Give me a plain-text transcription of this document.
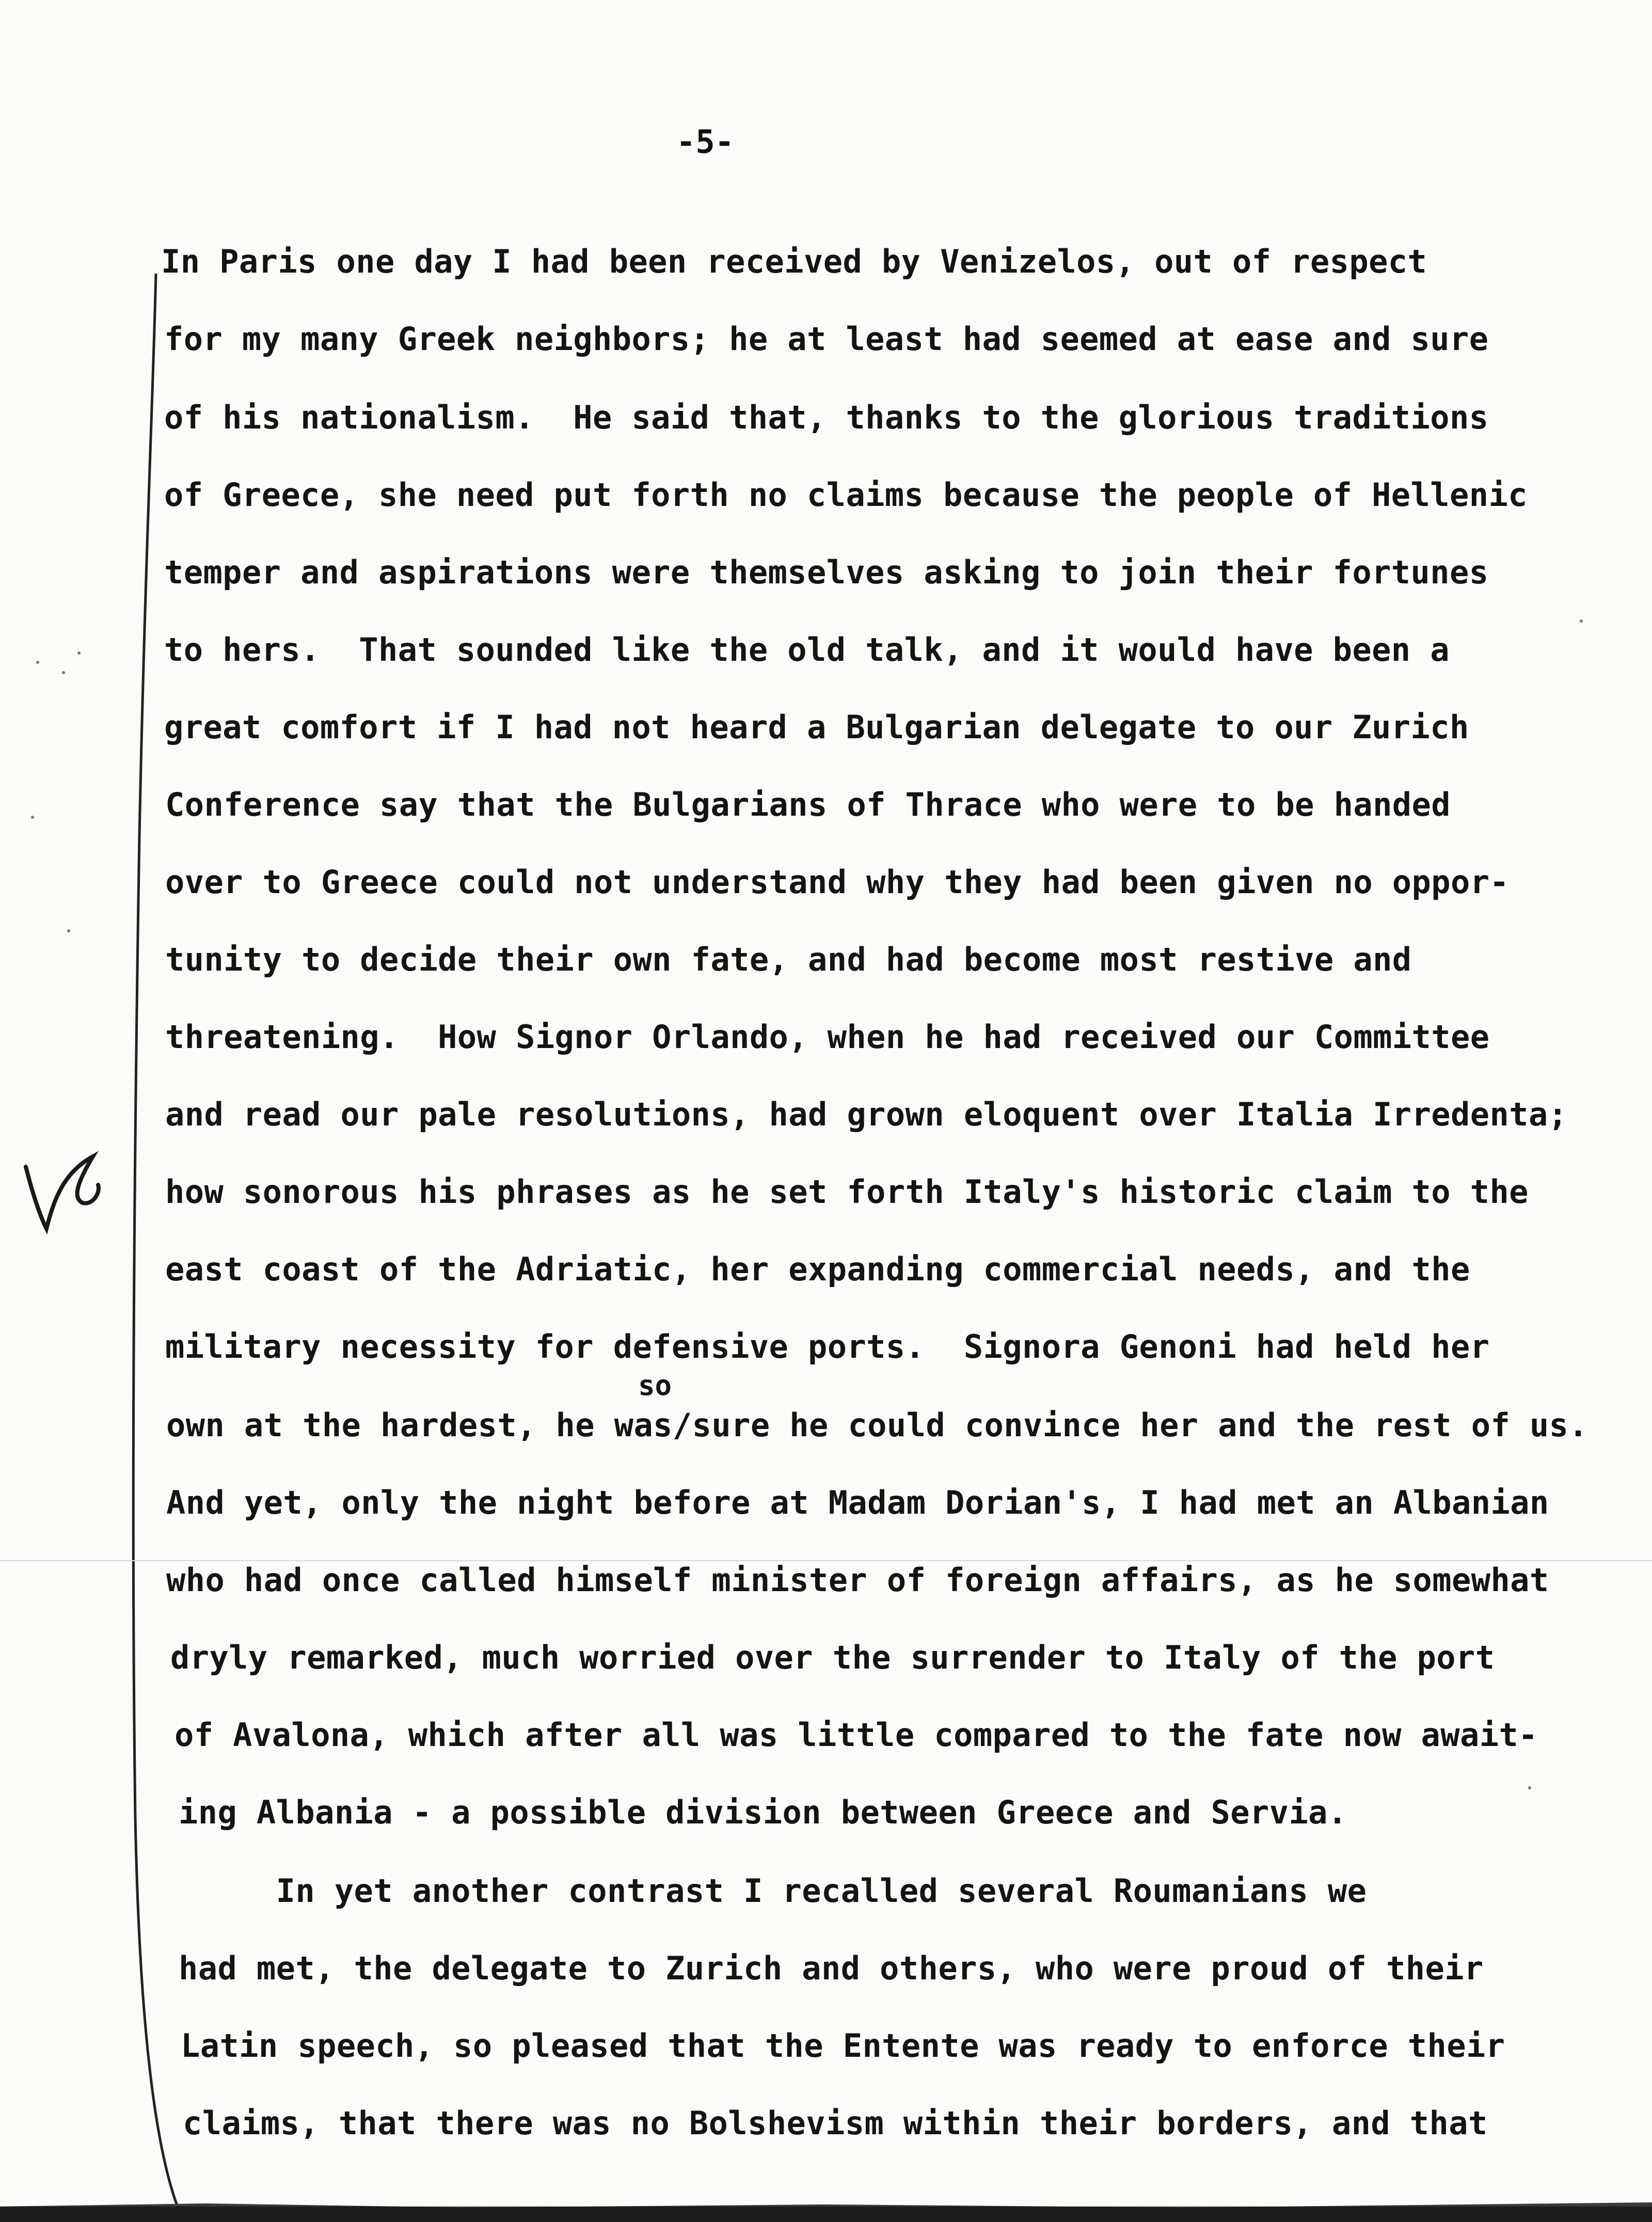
-5-
In Paris one day I had been received by Venizelos, out of respect
for my many Greek neighbors; he at least had seemed at ease and sure
of his nationalism.  He said that, thanks to the glorious traditions
of Greece, she need put forth no claims because the people of Hellenic
temper and aspirations were themselves asking to join their fortunes
to hers.  That sounded like the old talk, and it would have been a
great comfort if I had not heard a Bulgarian delegate to our Zurich
Conference say that the Bulgarians of Thrace who were to be handed
over to Greece could not understand why they had been given no oppor-
tunity to decide their own fate, and had become most restive and
threatening.  How Signor Orlando, when he had received our Committee
and read our pale resolutions, had grown eloquent over Italia Irredenta;
how sonorous his phrases as he set forth Italy's historic claim to the
east coast of the Adriatic, her expanding commercial needs, and the
military necessity for defensive ports.  Signora Genoni had held her
so
own at the hardest, he was/sure he could convince her and the rest of us.
And yet, only the night before at Madam Dorian's, I had met an Albanian
who had once called himself minister of foreign affairs, as he somewhat
dryly remarked, much worried over the surrender to Italy of the port
of Avalona, which after all was little compared to the fate now await-
ing Albania - a possible division between Greece and Servia.
In yet another contrast I recalled several Roumanians we
had met, the delegate to Zurich and others, who were proud of their
Latin speech, so pleased that the Entente was ready to enforce their
claims, that there was no Bolshevism within their borders, and that
